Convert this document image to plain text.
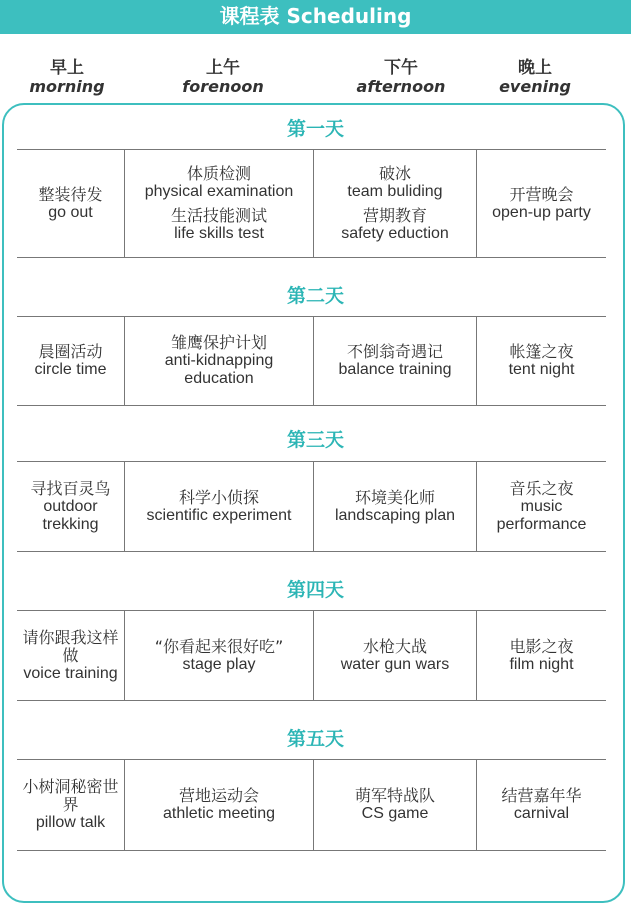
课程表 Scheduling
早上
morning
上午
forenoon
下午
afternoon
晚上
evening
第一天
整装待发
go out
体质检测
physical examination
生活技能测试
life skills test
破冰
team buliding
营期教育
safety eduction
开营晚会
open-up party
第二天
晨圈活动
circle time
雏鹰保护计划
anti-kidnapping education
不倒翁奇遇记
balance training
帐篷之夜
tent night
第三天
寻找百灵鸟
outdoor trekking
科学小侦探
scientific experiment
环境美化师
landscaping plan
音乐之夜
music performance
第四天
请你跟我这样做
voice training
“你看起来很好吃”
stage play
水枪大战
water gun wars
电影之夜
film night
第五天
小树洞秘密世界
pillow talk
营地运动会
athletic meeting
萌军特战队
CS game
结营嘉年华
carnival
